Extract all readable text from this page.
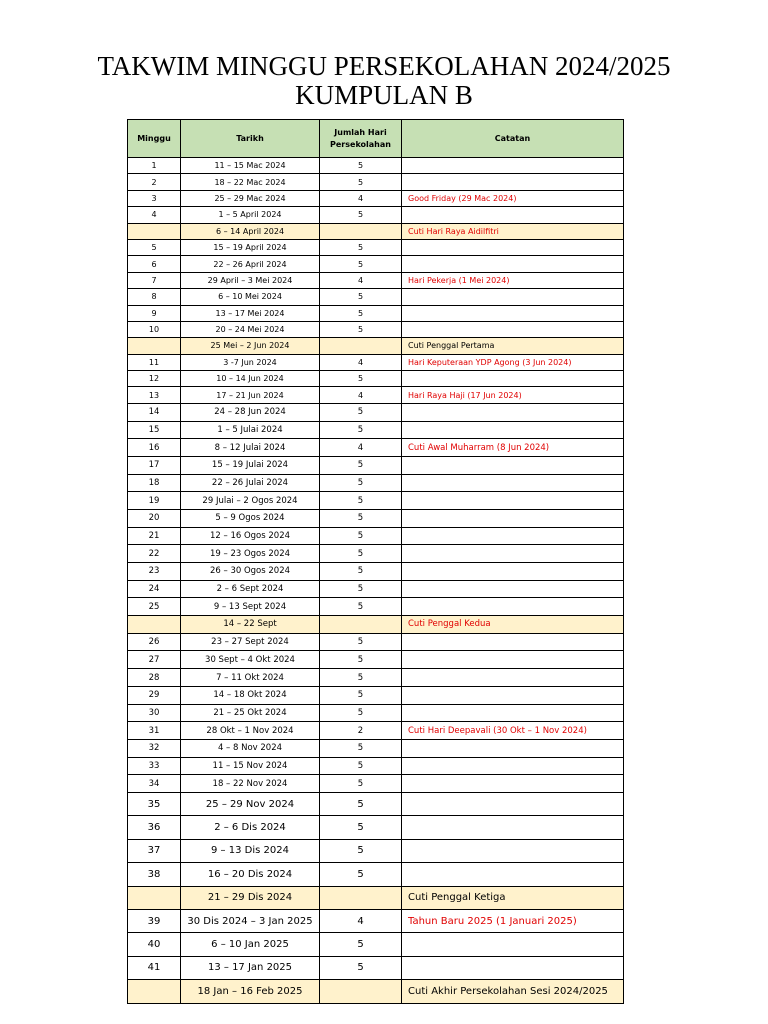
TAKWIM MINGGU PERSEKOLAHAN 2024/2025
KUMPULAN B
Minggu	Tarikh	Jumlah Hari Persekolahan	Catatan
1	11 – 15 Mac 2024	5	
2	18 – 22 Mac 2024	5	
3	25 – 29 Mac 2024	4	Good Friday (29 Mac 2024)
4	1 – 5 April 2024	5	
	6 – 14 April 2024		Cuti Hari Raya Aidilfitri
5	15 – 19 April 2024	5	
6	22 – 26 April 2024	5	
7	29 April – 3 Mei 2024	4	Hari Pekerja (1 Mei 2024)
8	6 – 10 Mei 2024	5	
9	13 – 17 Mei 2024	5	
10	20 – 24 Mei 2024	5	
	25 Mei – 2 Jun 2024		Cuti Penggal Pertama
11	3 -7 Jun 2024	4	Hari Keputeraan YDP Agong (3 Jun 2024)
12	10 – 14 Jun 2024	5	
13	17 – 21 Jun 2024	4	Hari Raya Haji (17 Jun 2024)
14	24 – 28 Jun 2024	5	
15	1 – 5 Julai 2024	5	
16	8 – 12 Julai 2024	4	Cuti Awal Muharram (8 Jun 2024)
17	15 – 19 Julai 2024	5	
18	22 – 26 Julai 2024	5	
19	29 Julai – 2 Ogos 2024	5	
20	5 – 9 Ogos 2024	5	
21	12 – 16 Ogos 2024	5	
22	19 – 23 Ogos 2024	5	
23	26 – 30 Ogos 2024	5	
24	2 – 6 Sept 2024	5	
25	9 – 13 Sept 2024	5	
	14 – 22 Sept		Cuti Penggal Kedua
26	23 – 27 Sept 2024	5	
27	30 Sept – 4 Okt 2024	5	
28	7 – 11 Okt 2024	5	
29	14 – 18 Okt 2024	5	
30	21 – 25 Okt 2024	5	
31	28 Okt – 1 Nov 2024	2	Cuti Hari Deepavali (30 Okt – 1 Nov 2024)
32	4 – 8 Nov 2024	5	
33	11 – 15 Nov 2024	5	
34	18 – 22 Nov 2024	5	
35	25 – 29 Nov 2024	5	
36	2 – 6 Dis 2024	5	
37	9 – 13 Dis 2024	5	
38	16 – 20 Dis 2024	5	
	21 – 29 Dis 2024		Cuti Penggal Ketiga
39	30 Dis 2024 – 3 Jan 2025	4	Tahun Baru 2025 (1 Januari 2025)
40	6 – 10 Jan 2025	5	
41	13 – 17 Jan 2025	5	
	18 Jan – 16 Feb 2025		Cuti Akhir Persekolahan Sesi 2024/2025
